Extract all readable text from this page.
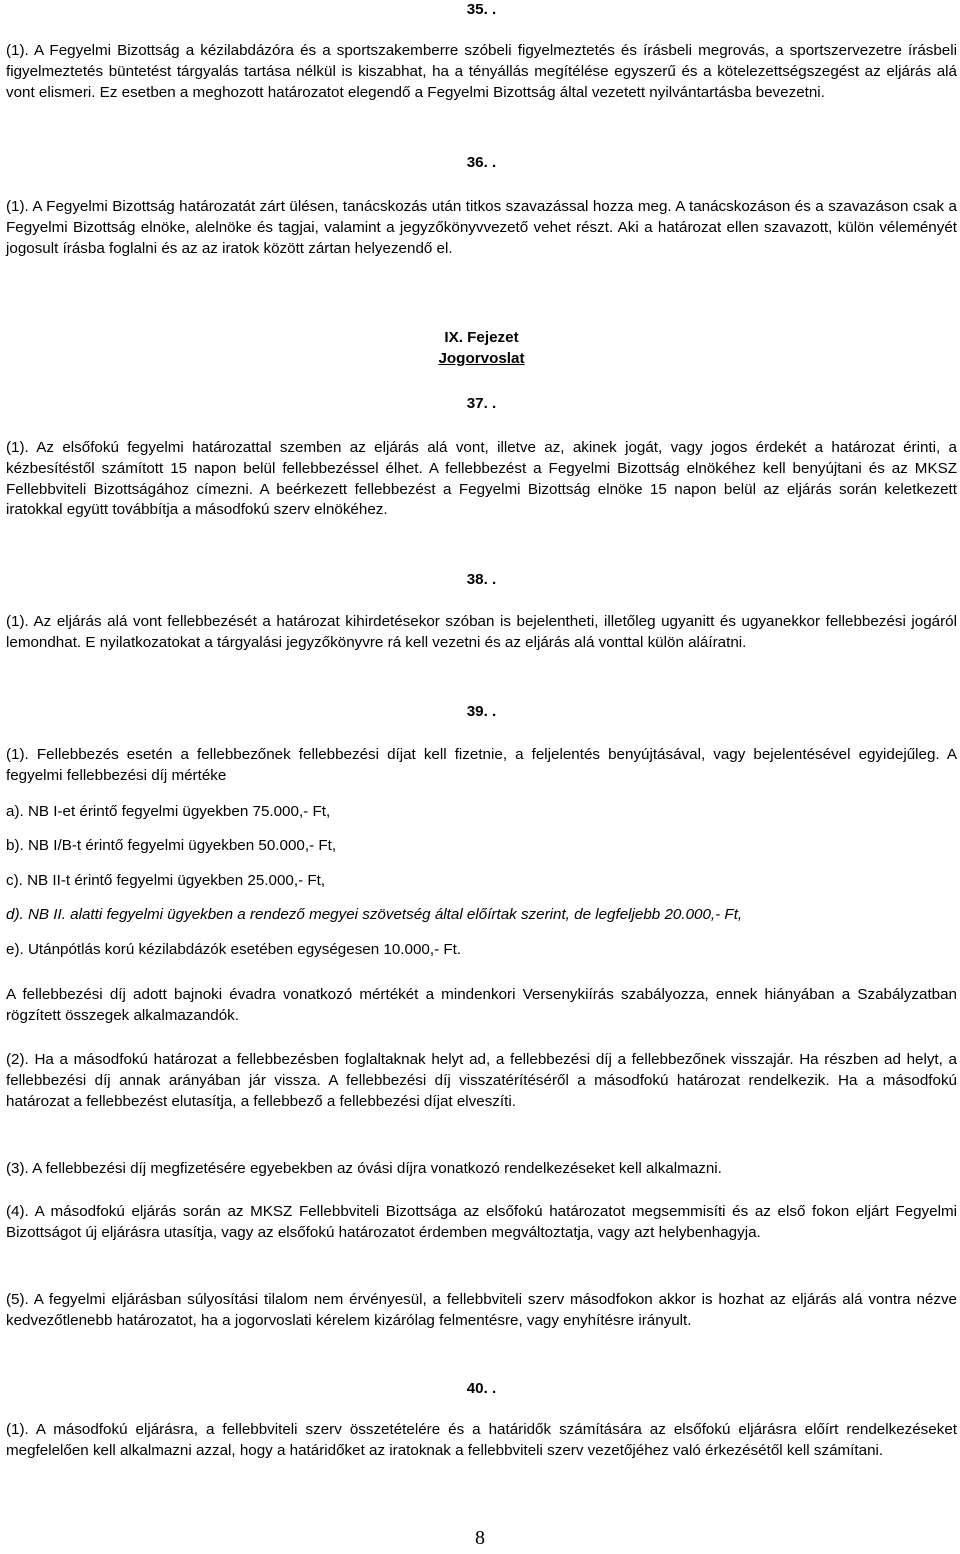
35. .

(1). A Fegyelmi Bizottság a kézilabdázóra és a sportszakemberre szóbeli figyelmeztetés és írásbeli megrovás, a sportszervezetre írásbeli figyelmeztetés büntetést tárgyalás tartása nélkül is kiszabhat, ha a tényállás megítélése egyszerű és a kötelezettségszegést az eljárás alá vont elismeri. Ez esetben a meghozott határozatot elegendő a Fegyelmi Bizottság által vezetett nyilvántartásba bevezetni.

36. .

(1). A Fegyelmi Bizottság határozatát zárt ülésen, tanácskozás után titkos szavazással hozza meg. A tanácskozáson és a szavazáson csak a Fegyelmi Bizottság elnöke, alelnöke és tagjai, valamint a jegyzőkönyvvezető vehet részt. Aki a határozat ellen szavazott, külön véleményét jogosult írásba foglalni és az az iratok között zártan helyezendő el.

IX. Fejezet

Jogorvoslat

37. .

(1). Az elsőfokú fegyelmi határozattal szemben az eljárás alá vont, illetve az, akinek jogát, vagy jogos érdekét a határozat érinti, a kézbesítéstől számított 15 napon belül fellebbezéssel élhet. A fellebbezést a Fegyelmi Bizottság elnökéhez kell benyújtani és az MKSZ Fellebbviteli Bizottságához címezni. A beérkezett fellebbezést a Fegyelmi Bizottság elnöke 15 napon belül az eljárás során keletkezett iratokkal együtt továbbítja a másodfokú szerv elnökéhez.

38. .

(1). Az eljárás alá vont fellebbezését a határozat kihirdetésekor szóban is bejelentheti, illetőleg ugyanitt és ugyanekkor fellebbezési jogáról lemondhat. E nyilatkozatokat a tárgyalási jegyzőkönyvre rá kell vezetni és az eljárás alá vonttal külön aláíratni.

39. .

(1). Fellebbezés esetén a fellebbezőnek fellebbezési díjat kell fizetnie, a feljelentés benyújtásával, vagy bejelentésével egyidejűleg. A fegyelmi fellebbezési díj mértéke

a). NB I-et érintő fegyelmi ügyekben 75.000,- Ft,

b). NB I/B-t érintő fegyelmi ügyekben 50.000,- Ft,

c). NB II-t érintő fegyelmi ügyekben 25.000,- Ft,

d). NB II. alatti fegyelmi ügyekben a rendező megyei szövetség által előírtak szerint, de legfeljebb 20.000,- Ft,

e). Utánpótlás korú kézilabdázók esetében egységesen 10.000,- Ft.

A fellebbezési díj adott bajnoki évadra vonatkozó mértékét a mindenkori Versenykiírás szabályozza, ennek hiányában a Szabályzatban rögzített összegek alkalmazandók.

(2). Ha a másodfokú határozat a fellebbezésben foglaltaknak helyt ad, a fellebbezési díj a fellebbezőnek visszajár. Ha részben ad helyt, a fellebbezési díj annak arányában jár vissza. A fellebbezési díj visszatérítéséről a másodfokú határozat rendelkezik. Ha a másodfokú határozat a fellebbezést elutasítja, a fellebbező a fellebbezési díjat elveszíti.

(3). A fellebbezési díj megfizetésére egyebekben az óvási díjra vonatkozó rendelkezéseket kell alkalmazni.

(4). A másodfokú eljárás során az MKSZ Fellebbviteli Bizottsága az elsőfokú határozatot megsemmisíti és az első fokon eljárt Fegyelmi Bizottságot új eljárásra utasítja, vagy az elsőfokú határozatot érdemben megváltoztatja, vagy azt helybenhagyja.

(5). A fegyelmi eljárásban súlyosítási tilalom nem érvényesül, a fellebbviteli szerv másodfokon akkor is hozhat az eljárás alá vontra nézve kedvezőtlenebb határozatot, ha a jogorvoslati kérelem kizárólag felmentésre, vagy enyhítésre irányult.

40. .

(1). A másodfokú eljárásra, a fellebbviteli szerv összetételére és a határidők számítására az elsőfokú eljárásra előírt rendelkezéseket megfelelően kell alkalmazni azzal, hogy a határidőket az iratoknak a fellebbviteli szerv vezetőjéhez való érkezésétől kell számítani.

8
